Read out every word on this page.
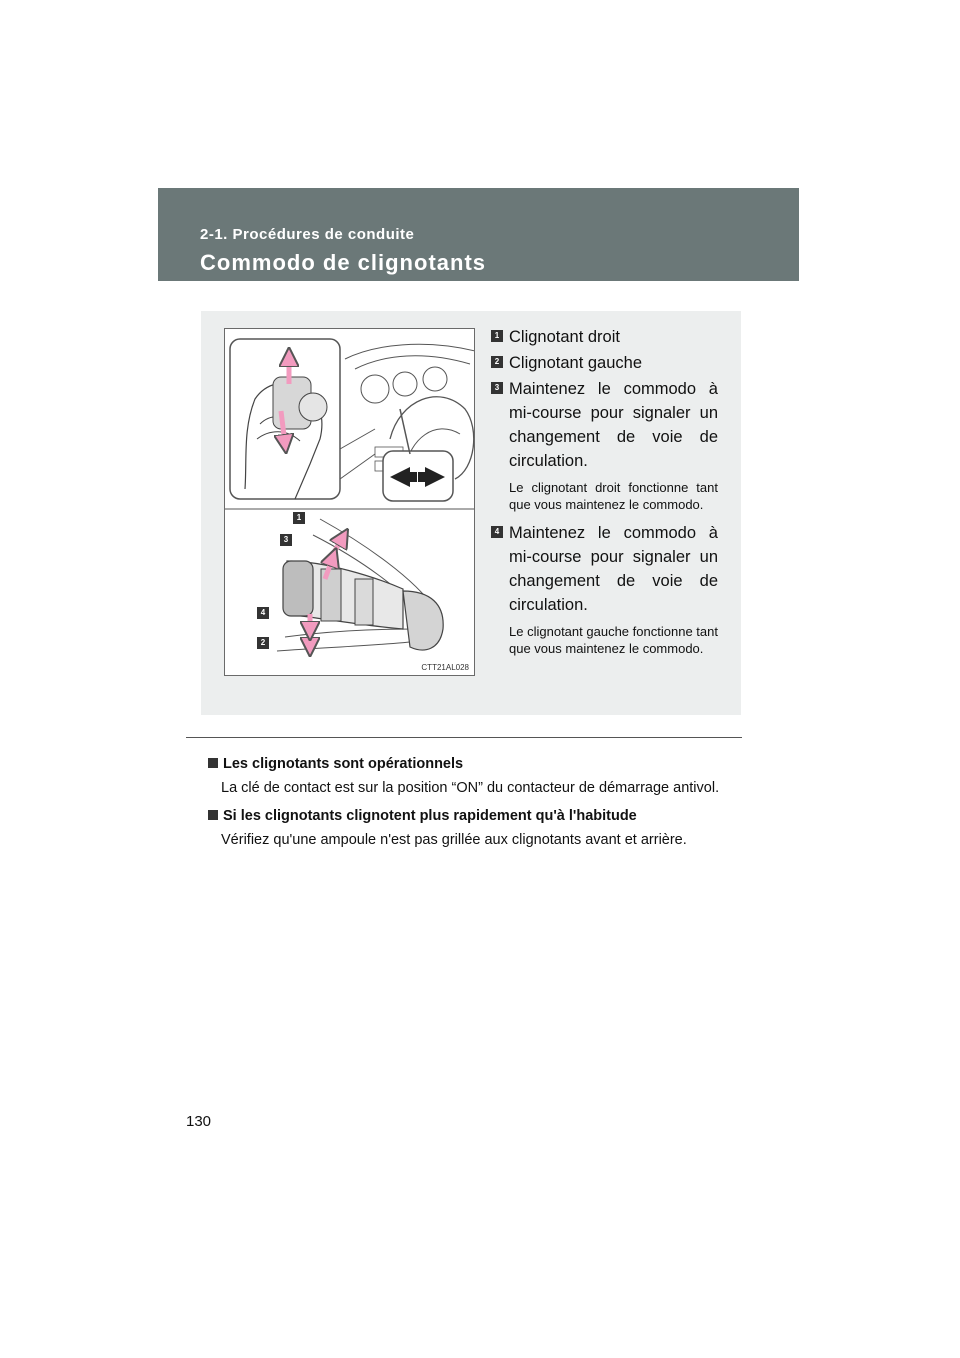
2-1. Procédures de conduite
Commodo de clignotants
1
3
4
2
CTT21AL028
1 Clignotant droit
2 Clignotant gauche
3 Maintenez le commodo à mi-course pour signaler un changement de voie de circulation.
Le clignotant droit fonctionne tant que vous maintenez le commodo.
4 Maintenez le commodo à mi-course pour signaler un changement de voie de circulation.
Le clignotant gauche fonctionne tant que vous maintenez le commodo.
Les clignotants sont opérationnels
La clé de contact est sur la position “ON” du contacteur de démarrage antivol.
Si les clignotants clignotent plus rapidement qu'à l'habitude
Vérifiez qu'une ampoule n'est pas grillée aux clignotants avant et arrière.
130
